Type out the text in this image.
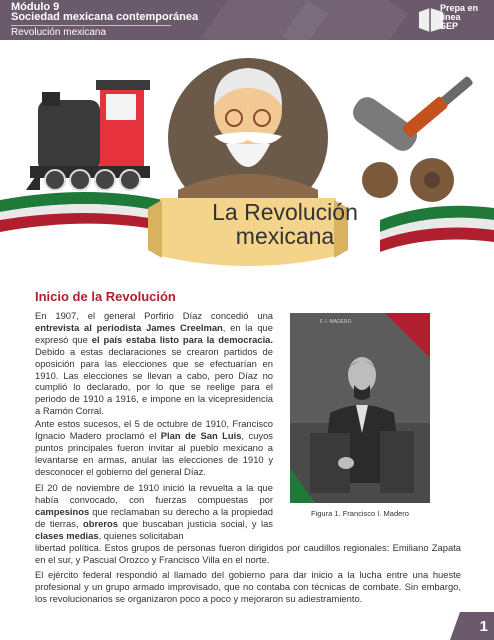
Módulo 9
Sociedad mexicana contemporánea
Revolución mexicana
Prepa en línea SEP
La Revolución
mexicana
Inicio de la Revolución
En 1907, el general Porfirio Díaz concedió una entrevista al periodista James Creelman, en la que expresó que el país estaba listo para la democracia. Debido a estas declaraciones se crearon partidos de oposición para las elecciones que se efectuarían en 1910. Las elecciones se llevan a cabo, pero Díaz no cumplió lo declarado, por lo que se reelige para el periodo de 1910 a 1916, e impone en la vicepresidencia a Ramón Corral.
Ante estos sucesos, el 5 de octubre de 1910, Francisco Ignacio Madero proclamó el Plan de San Luis, cuyos puntos principales fueron invitar al pueblo mexicano a levantarse en armas, anular las elecciones de 1910 y desconocer el gobierno del general Díaz.
El 20 de noviembre de 1910 inició la revuelta a la que había convocado, con fuerzas compuestas por campesinos que reclamaban su derecho a la propiedad de tierras, obreros que buscaban justicia social, y las clases medias, quienes solicitaban
libertad política. Estos grupos de personas fueron dirigidos por caudillos regionales: Emiliano Zapata en el sur, y Pascual Orozco y Francisco Villa en el norte.
El ejército federal respondió al llamado del gobierno para dar inicio a la lucha entre una hueste profesional y un grupo armado improvisado, que no contaba con técnicas de combate. Sin embargo, los revolucionarios se organizaron poco a poco y mejoraron su adiestramiento.
F. I. MADERO
Figura 1. Francisco I. Madero
1
